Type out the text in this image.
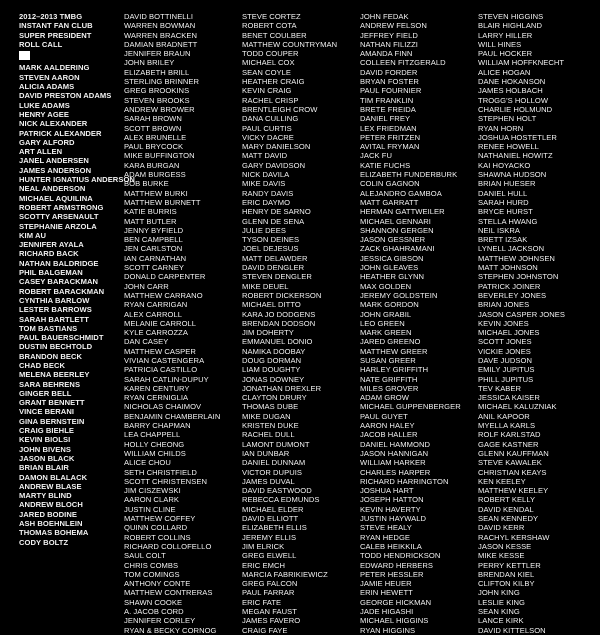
2012–2013 TMBG
INSTANT FAN CLUB
SUPER PRESIDENT
ROLL CALL
MARK AALDERING
STEVEN AARON
ALICIA ADAMS
DAVID PRESTON ADAMS
LUKE ADAMS
HENRY AGEE
NICK ALEXANDER
PATRICK ALEXANDER
GARY ALFORD
ART ALLEN
JANEL ANDERSEN
JAMES ANDERSON
HUNTER IGNATIUS ANDERSON
NEAL ANDERSON
MICHAEL AQUILINA
ROBERT ARMSTRONG
SCOTTY ARSENAULT
STEPHANIE ARZOLA
KIM AU
JENNIFER AYALA
RICHARD BACK
NATHAN BALDRIDGE
PHIL BALGEMAN
CASEY BARACKMAN
ROBERT BARACKMAN
CYNTHIA BARLOW
LESTER BARROWS
SARAH BARTLETT
TOM BASTIANS
PAUL BAUERSCHMIDT
DUSTIN BECHTOLD
BRANDON BECK
CHAD BECK
MELENA BEERLEY
SARA BEHRENS
GINGER BELL
GRANT BENNETT
VINCE BERANI
GINA BERNSTEIN
CRAIG BIEHLE
KEVIN BIOLSI
JOHN BIVENS
JASON BLACK
BRIAN BLAIR
DAMON BLALACK
ANDREW BLASE
MARTY BLIND
ANDREW BLOCH
JARED BODINE
ASH BOEHNLEIN
THOMAS BOHEMA
CODY BOLTZ
DAVID BOTTINELLI
WARREN BOWMAN
WARREN BRACKEN
DAMIAN BRADNETT
JENNIFER BRAUN
JOHN BRILEY
ELIZABETH BRILL
STERLING BRINNER
GREG BROOKINS
STEVEN BROOKS
ANDREW BROWER
SARAH BROWN
SCOTT BROWN
ALEX BRUNELLE
PAUL BRYCOCK
MIKE BUFFINGTON
KARA BURGAN
ADAM BURGESS
BOB BURKE
MATTHEW BURKI
MATTHEW BURNETT
KATIE BURRIS
MATT BUTLER
JENNY BYFIELD
BEN CAMPBELL
JEN CARLSTON
IAN CARNATHAN
SCOTT CARNEY
DONALD CARPENTER
JOHN CARR
MATTHEW CARRANO
RYAN CARRIGAN
ALEX CARROLL
MELANIE CARROLL
KYLE CARROZZA
DAN CASEY
MATTHEW CASPER
VIVIAN CASTENGERA
PATRICIA CASTILLO
SARAH CATLIN-DUPUY
KAREN CENTURY
RYAN CERNIGLIA
NICHOLAS CHAIMOV
BENJAMIN CHAMBERLAIN
BARRY CHAPMAN
LEA CHAPPELL
HOLLY CHEONG
WILLIAM CHILDS
ALICE CHOU
SETH CHRISTFIELD
SCOTT CHRISTENSEN
JIM CISZEWSKI
AARON CLARK
JUSTIN CLINE
MATTHEW COFFEY
QUINN COLLARD
ROBERT COLLINS
RICHARD COLLOFELLO
SAUL COLT
CHRIS COMBS
TOM COMINGS
ANTHONY CONTE
MATTHEW CONTRERAS
SHAWN COOKE
A. JACOB CORD
JENNIFER CORLEY
RYAN & BECKY CORNOG
STEVE CORTEZ
ROBERT COTA
BENET COULBER
MATTHEW COUNTRYMAN
TODD COUPER
MICHAEL COX
SEAN COYLE
HEATHER CRAIG
KEVIN CRAIG
RACHEL CRISP
BRENTLEIGH CROW
DANA CULLING
PAUL CURTIS
VICKY DACRE
MARY DANIELSON
MATT DAVID
GARY DAVIDSON
NICK DAVILA
MIKE DAVIS
RANDY DAVIS
ERIC DAYMO
HENRY DE SARNO
GLENN DE SENA
JULIE DEES
TYSON DEINES
JOEL DEJESUS
MATT DELAWDER
DAVID DENGLER
STEVEN DENGLER
MIKE DEUEL
ROBERT DICKERSON
MICHAEL DITTO
KARA JO DODGENS
BRENDAN DODSON
JIM DOHERTY
EMMANUEL DONIO
NAMIKA DOOBAY
DOUG DORMAN
LIAM DOUGHTY
JONAS DOWNEY
JONATHAN DREXLER
CLAYTON DRURY
THOMAS DUBE
MIKE DUGAN
KRISTEN DUKE
RACHEL DULL
LAMONT DUMONT
IAN DUNBAR
DANIEL DUNNAM
VICTOR DUPUIS
JAMES DUVAL
DAVID EASTWOOD
REBECCA EDMUNDS
MICHAEL ELDER
DAVID ELLIOTT
ELIZABETH ELLIS
JEREMY ELLIS
JIM ELRICK
GREG ELWELL
ERIC EMCH
MARCIA FABRIKIEWICZ
GREG FALCON
PAUL FARRAR
ERIC FATE
MEGAN FAUST
JAMES FAVERO
CRAIG FAYE
JOHN FEDAK
ANDREW FELSON
JEFFREY FIELD
NATHAN FILIZZI
AMANDA FINN
COLLEEN FITZGERALD
DAVID FORDER
BRYAN FOSTER
PAUL FOURNIER
TIM FRANKLIN
BRETE FREIDA
DANIEL FREY
LEX FRIEDMAN
PETER FRITZEN
AVITAL FRYMAN
JACK FU
KATIE FUCHS
ELIZABETH FUNDERBURK
COLIN GAGNON
ALEJANDRO GAMBOA
MATT GARRATT
HERMAN GATTWEILER
MICHAEL GENNARI
SHANNON GERGEN
JASON GESSNER
ZACK GHAHRAMANI
JESSICA GIBSON
JOHN GLEAVES
HEATHER GLYNN
MAX GOLDEN
JEREMY GOLDSTEIN
MARK GORDON
JOHN GRABIL
LEO GREEN
MARK GREEN
JARED GREENO
MATTHEW GREER
SUSAN GREER
HARLEY GRIFFITH
NATE GRIFFITH
MILES GROVER
ADAM GROW
MICHAEL GUPPENBERGER
PAUL GUYET
AARON HALEY
JACOB HALLER
DANIEL HAMMOND
JASON HANNIGAN
WILLIAM HARKER
CHARLES HARPER
RICHARD HARRINGTON
JOSHUA HART
JOSEPH HATTON
KEVIN HAVERTY
JUSTIN HAYWALD
STEVE HEALY
RYAN HEDGE
CALEB HEIKKILA
TODD HENDRICKSON
EDWARD HERBERS
PETER HESSLER
JAMIE HEUER
ERIN HEWETT
GEORGE HICKMAN
JADE HIGASHI
MICHAEL HIGGINS
RYAN HIGGINS
STEVEN HIGGINS
BLAIR HIGHLAND
LARRY HILLER
WILL HINES
PAUL HOCKER
WILLIAM HOFFKNECHT
ALICE HOGAN
DANE HOKANSON
JAMES HOLBACH
TROGG'S HOLLOW
CHARLIE HOLMUND
STEPHEN HOLT
RYAN HORN
JOSHUA HOSTETLER
RENEE HOWELL
NATHANIEL HOWITZ
KAI HOYACKO
SHAWNA HUDSON
BRIAN HUESER
DANIEL HULL
SARAH HURD
BRYCE HURST
STELLA HWANG
NEIL ISKRA
BRETT IZSAK
LYNELL JACKSON
MATTHEW JOHNSEN
MATT JOHNSON
STEPHEN JOHNSTON
PATRICK JOINER
BEVERLEY JONES
BRIAN JONES
JASON CASPER JONES
KEVIN JONES
MICHAEL JONES
SCOTT JONES
VICKIE JONES
DAVE JUDSON
EMILY JUPITUS
PHILL JUPITUS
TEV KABER
JESSICA KAISER
MICHAEL KALUZNIAK
ANIL KAPOOR
MYELLA KARLS
ROLF KARLSTAD
GAGE KASTNER
GLENN KAUFFMAN
STEVE KAWALEK
CHRISTIAN KEAYS
KEN KEELEY
MATTHEW KEELEY
ROBERT KELLY
DAVID KENDAL
SEAN KENNEDY
DAVID KERR
RACHYL KERSHAW
JASON KESSE
MIKE KESSE
PERRY KETTLER
BRENDAN KIEL
CLIFTON KILBY
JOHN KING
LESLIE KING
SEAN KING
LANCE KIRK
DAVID KITTELSON
